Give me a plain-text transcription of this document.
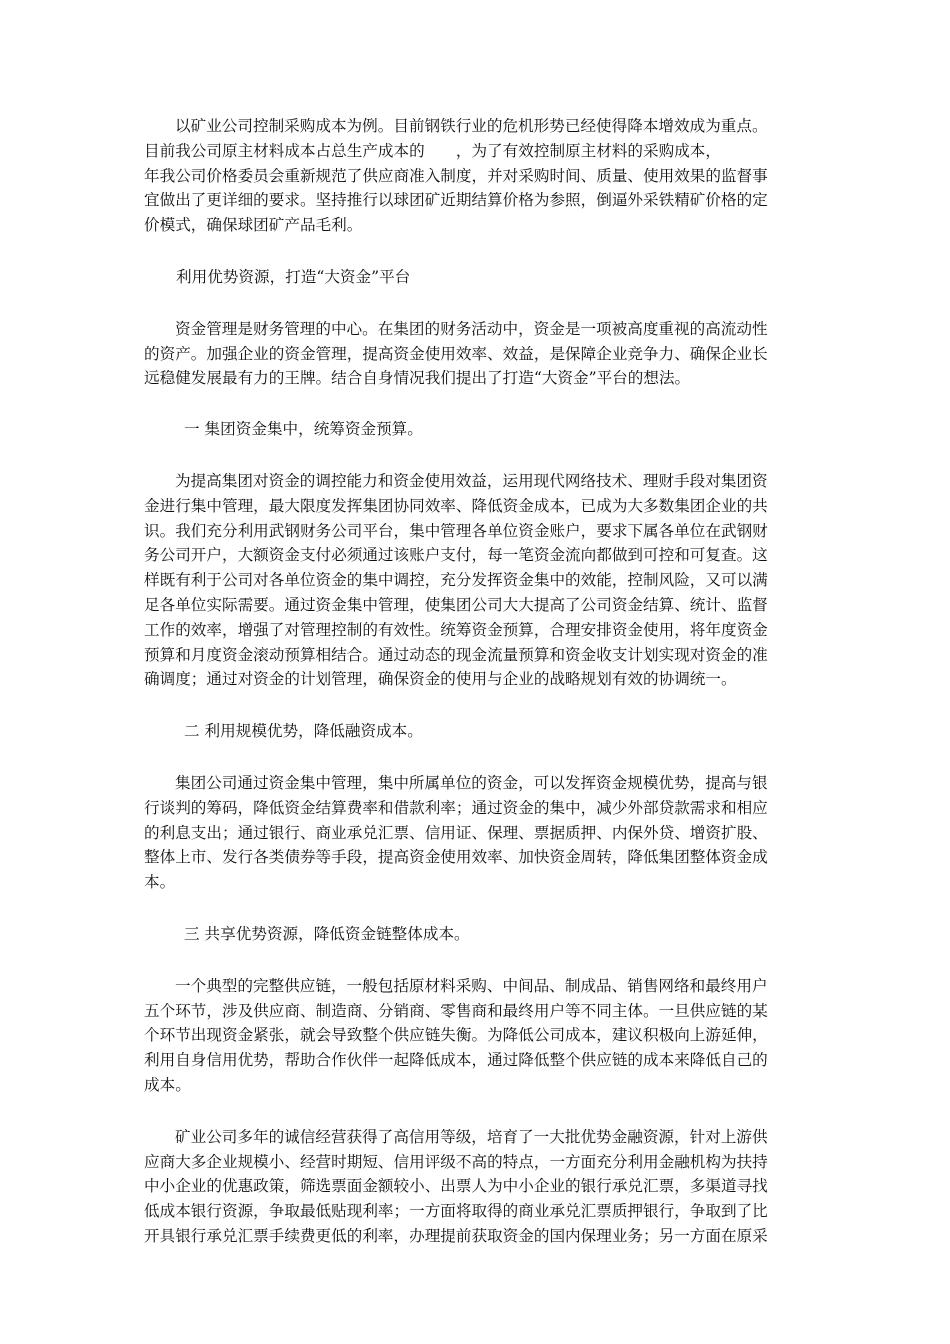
以矿业公司控制采购成本为例。目前钢铁行业的危机形势已经使得降本增效成为重点。
目前我公司原主材料成本占总生产成本的　　，为了有效控制原主材料的采购成本，
年我公司价格委员会重新规范了供应商准入制度，并对采购时间、质量、使用效果的监督事
宜做出了更详细的要求。坚持推行以球团矿近期结算价格为参照，倒逼外采铁精矿价格的定
价模式，确保球团矿产品毛利。

利用优势资源，打造“大资金”平台

资金管理是财务管理的中心。在集团的财务活动中，资金是一项被高度重视的高流动性
的资产。加强企业的资金管理，提高资金使用效率、效益，是保障企业竞争力、确保企业长
远稳健发展最有力的王牌。结合自身情况我们提出了打造“大资金”平台的想法。

一 集团资金集中，统筹资金预算。

为提高集团对资金的调控能力和资金使用效益，运用现代网络技术、理财手段对集团资
金进行集中管理，最大限度发挥集团协同效率、降低资金成本，已成为大多数集团企业的共
识。我们充分利用武钢财务公司平台，集中管理各单位资金账户，要求下属各单位在武钢财
务公司开户，大额资金支付必须通过该账户支付，每一笔资金流向都做到可控和可复查。这
样既有利于公司对各单位资金的集中调控，充分发挥资金集中的效能，控制风险，又可以满
足各单位实际需要。通过资金集中管理，使集团公司大大提高了公司资金结算、统计、监督
工作的效率，增强了对管理控制的有效性。统筹资金预算，合理安排资金使用，将年度资金
预算和月度资金滚动预算相结合。通过动态的现金流量预算和资金收支计划实现对资金的准
确调度；通过对资金的计划管理，确保资金的使用与企业的战略规划有效的协调统一。

二 利用规模优势，降低融资成本。

集团公司通过资金集中管理，集中所属单位的资金，可以发挥资金规模优势，提高与银
行谈判的筹码，降低资金结算费率和借款利率；通过资金的集中，减少外部贷款需求和相应
的利息支出；通过银行、商业承兑汇票、信用证、保理、票据质押、内保外贷、增资扩股、
整体上市、发行各类债券等手段，提高资金使用效率、加快资金周转，降低集团整体资金成
本。

三 共享优势资源，降低资金链整体成本。

一个典型的完整供应链，一般包括原材料采购、中间品、制成品、销售网络和最终用户
五个环节，涉及供应商、制造商、分销商、零售商和最终用户等不同主体。一旦供应链的某
个环节出现资金紧张，就会导致整个供应链失衡。为降低公司成本，建议积极向上游延伸，
利用自身信用优势，帮助合作伙伴一起降低成本，通过降低整个供应链的成本来降低自己的
成本。

矿业公司多年的诚信经营获得了高信用等级，培育了一大批优势金融资源，针对上游供
应商大多企业规模小、经营时期短、信用评级不高的特点，一方面充分利用金融机构为扶持
中小企业的优惠政策，筛选票面金额较小、出票人为中小企业的银行承兑汇票，多渠道寻找
低成本银行资源，争取最低贴现利率；一方面将取得的商业承兑汇票质押银行，争取到了比
开具银行承兑汇票手续费更低的利率，办理提前获取资金的国内保理业务；另一方面在原采
